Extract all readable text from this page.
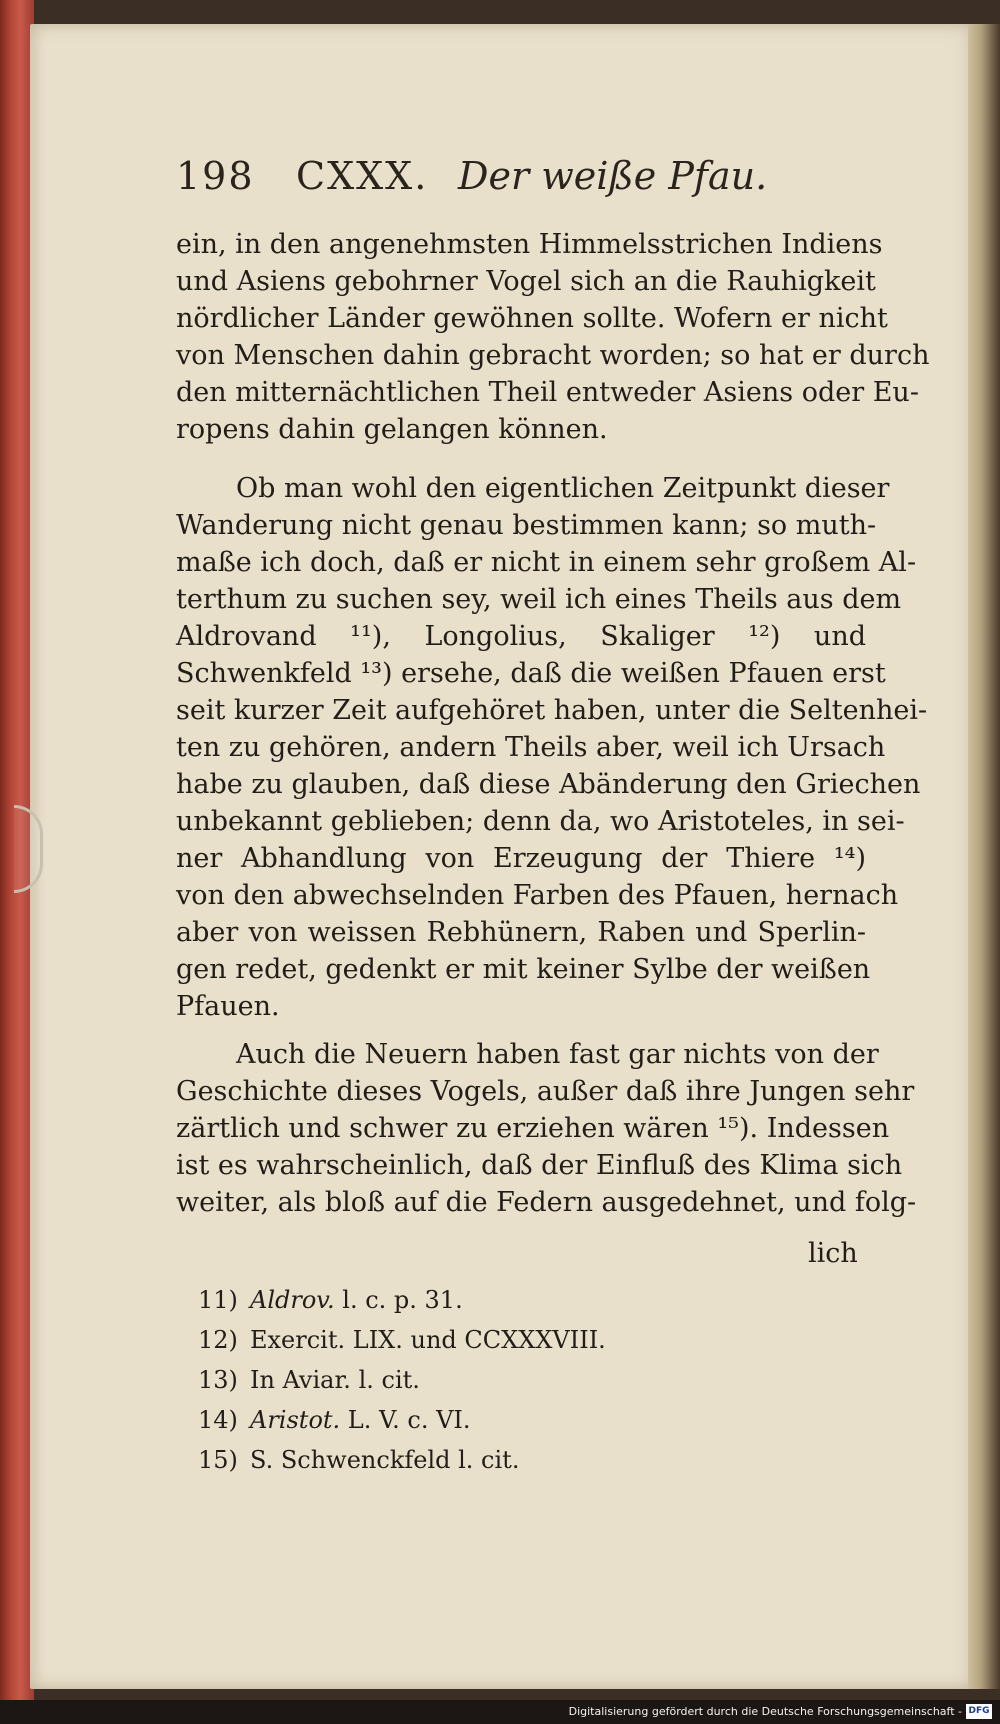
198 CXXX. Der weiße Pfau.
ein, in den angenehmsten Himmelsstrichen Indiens
und Asiens gebohrner Vogel sich an die Rauhigkeit
nördlicher Länder gewöhnen sollte. Wofern er nicht
von Menschen dahin gebracht worden; so hat er durch
den mitternächtlichen Theil entweder Asiens oder Eu-
ropens dahin gelangen können.
Ob man wohl den eigentlichen Zeitpunkt dieser
Wanderung nicht genau bestimmen kann; so muth-
maße ich doch, daß er nicht in einem sehr großem Al-
terthum zu suchen sey, weil ich eines Theils aus dem
Aldrovand ¹¹), Longolius, Skaliger ¹²) und
Schwenkfeld ¹³) ersehe, daß die weißen Pfauen erst
seit kurzer Zeit aufgehöret haben, unter die Seltenhei-
ten zu gehören, andern Theils aber, weil ich Ursach
habe zu glauben, daß diese Abänderung den Griechen
unbekannt geblieben; denn da, wo Aristoteles, in sei-
ner Abhandlung von Erzeugung der Thiere ¹⁴)
von den abwechselnden Farben des Pfauen, hernach
aber von weissen Rebhünern, Raben und Sperlin-
gen redet, gedenkt er mit keiner Sylbe der weißen
Pfauen.
Auch die Neuern haben fast gar nichts von der
Geschichte dieses Vogels, außer daß ihre Jungen sehr
zärtlich und schwer zu erziehen wären ¹⁵). Indessen
ist es wahrscheinlich, daß der Einfluß des Klima sich
weiter, als bloß auf die Federn ausgedehnet, und folg-
lich
11) Aldrov. l. c. p. 31.
12) Exercit. LIX. und CCXXXVIII.
13) In Aviar. l. cit.
14) Aristot. L. V. c. VI.
15) S. Schwenckfeld l. cit.
Digitalisierung gefördert durch die Deutsche Forschungsgemeinschaft - DFG
